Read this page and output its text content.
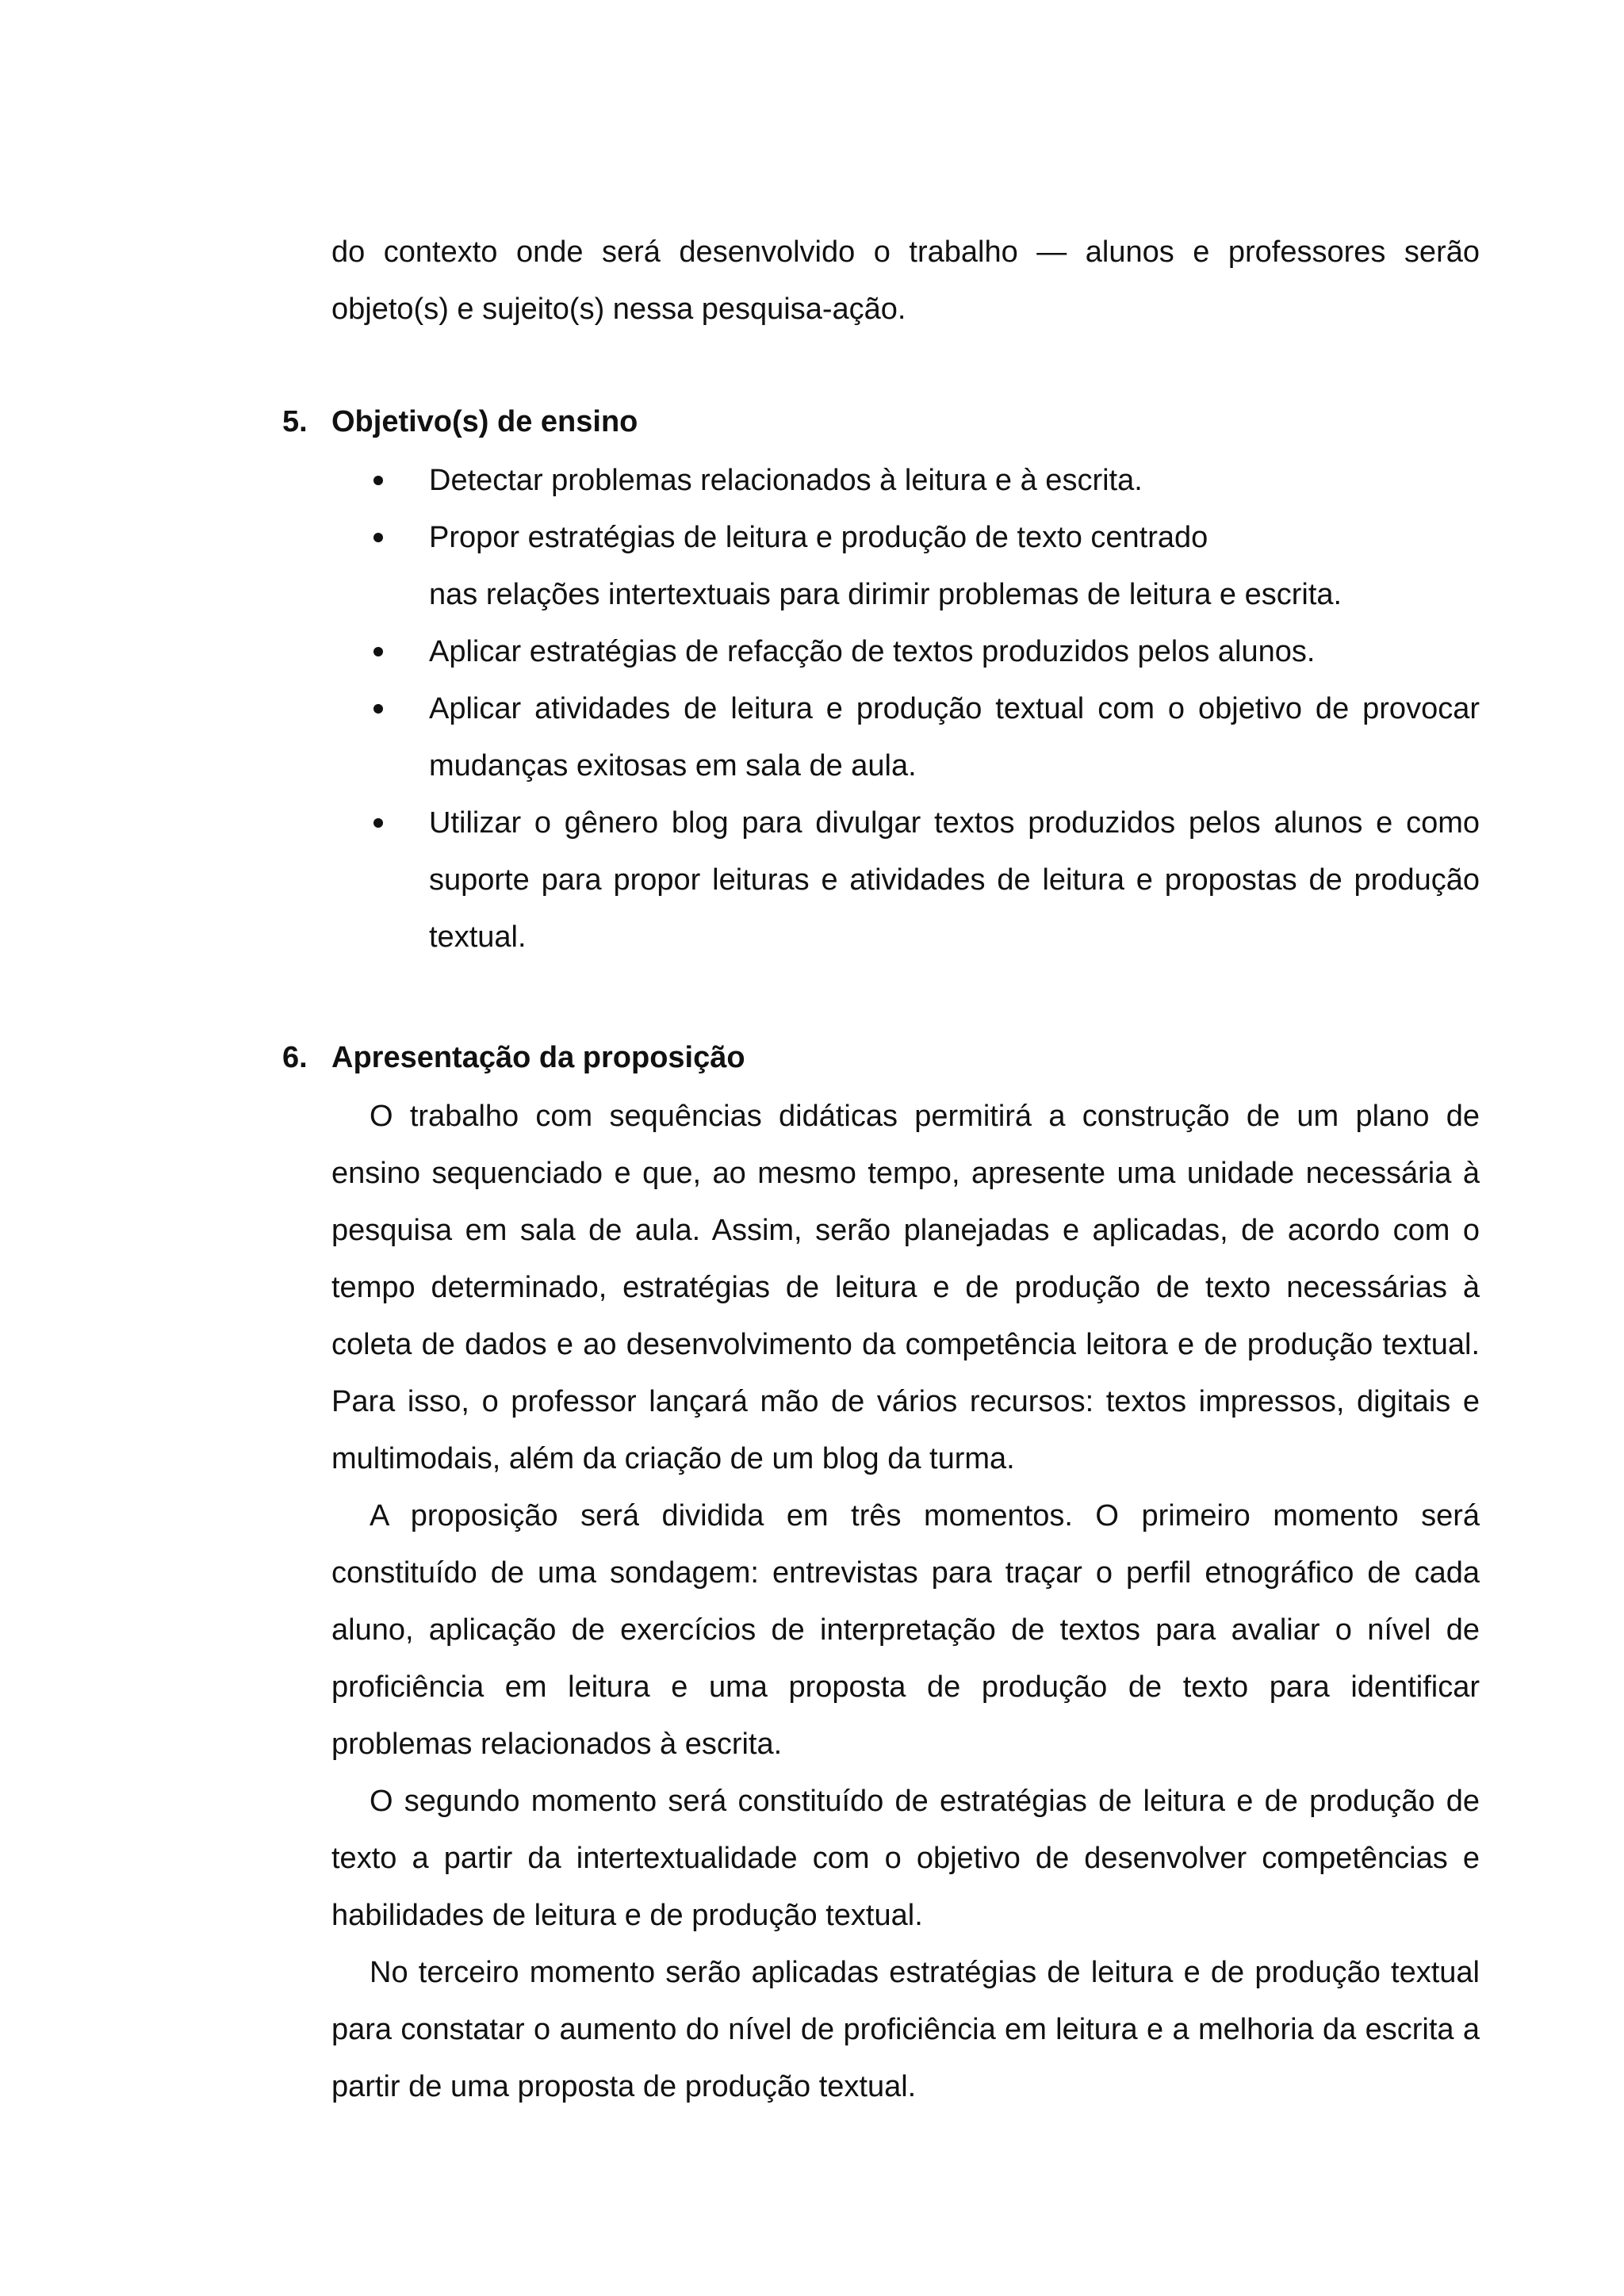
do contexto onde será desenvolvido o trabalho — alunos e professores serão objeto(s) e sujeito(s) nessa pesquisa-ação.

5. Objetivo(s) de ensino
Detectar problemas relacionados à leitura e à escrita.
Propor estratégias de leitura e produção de texto centrado
nas relações intertextuais para dirimir problemas de leitura e escrita.
Aplicar estratégias de refacção de textos produzidos pelos alunos.
Aplicar atividades de leitura e produção textual com o objetivo de provocar mudanças exitosas em sala de aula.
Utilizar o gênero blog para divulgar textos produzidos pelos alunos e como suporte para propor leituras e atividades de leitura e propostas de produção textual.
6. Apresentação da proposição

O trabalho com sequências didáticas permitirá a construção de um plano de ensino sequenciado e que, ao mesmo tempo, apresente uma unidade necessária à pesquisa em sala de aula. Assim, serão planejadas e aplicadas, de acordo com o tempo determinado, estratégias de leitura e de produção de texto necessárias à coleta de dados e ao desenvolvimento da competência leitora e de produção textual. Para isso, o professor lançará mão de vários recursos: textos impressos, digitais e multimodais, além da criação de um blog da turma.

A proposição será dividida em três momentos. O primeiro momento será constituído de uma sondagem: entrevistas para traçar o perfil etnográfico de cada aluno, aplicação de exercícios de interpretação de textos para avaliar o nível de proficiência em leitura e uma proposta de produção de texto para identificar problemas relacionados à escrita.

O segundo momento será constituído de estratégias de leitura e de produção de texto a partir da intertextualidade com o objetivo de desenvolver competências e habilidades de leitura e de produção textual.

No terceiro momento serão aplicadas estratégias de leitura e de produção textual para constatar o aumento do nível de proficiência em leitura e a melhoria da escrita a partir de uma proposta de produção textual.
